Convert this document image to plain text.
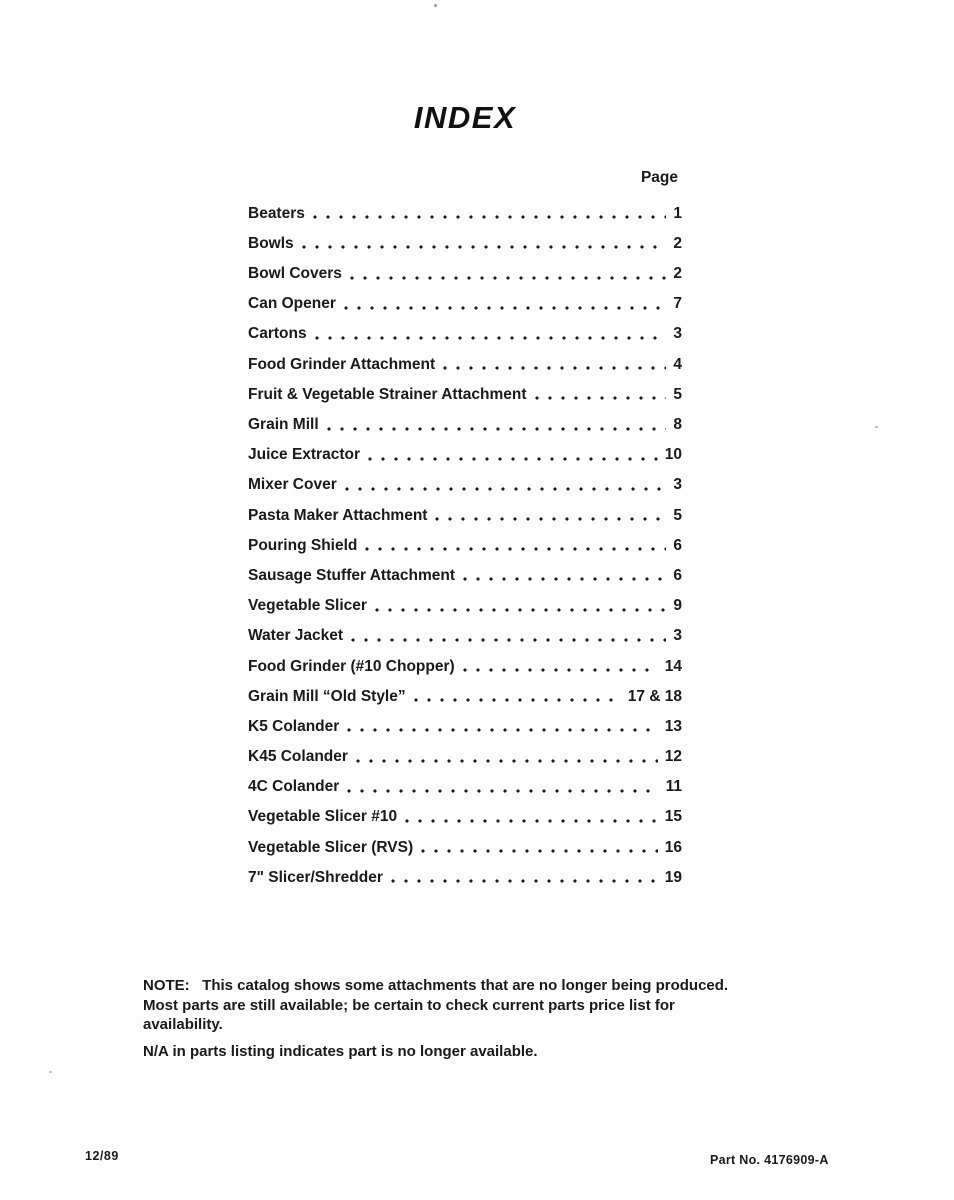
INDEX
Page
Beaters	1
Bowls	2
Bowl Covers	2
Can Opener	7
Cartons	3
Food Grinder Attachment	4
Fruit & Vegetable Strainer Attachment	5
Grain Mill	8
Juice Extractor	10
Mixer Cover	3
Pasta Maker Attachment	5
Pouring Shield	6
Sausage Stuffer Attachment	6
Vegetable Slicer	9
Water Jacket	3
Food Grinder (#10 Chopper)	14
Grain Mill “Old Style”	17 & 18
K5 Colander	13
K45 Colander	12
4C Colander	11
Vegetable Slicer #10	15
Vegetable Slicer (RVS)	16
7" Slicer/Shredder	19
NOTE:   This catalog shows some attachments that are no longer being produced.
Most parts are still available; be certain to check current parts price list for
availability.
N/A in parts listing indicates part is no longer available.
12/89	Part No. 4176909-A
